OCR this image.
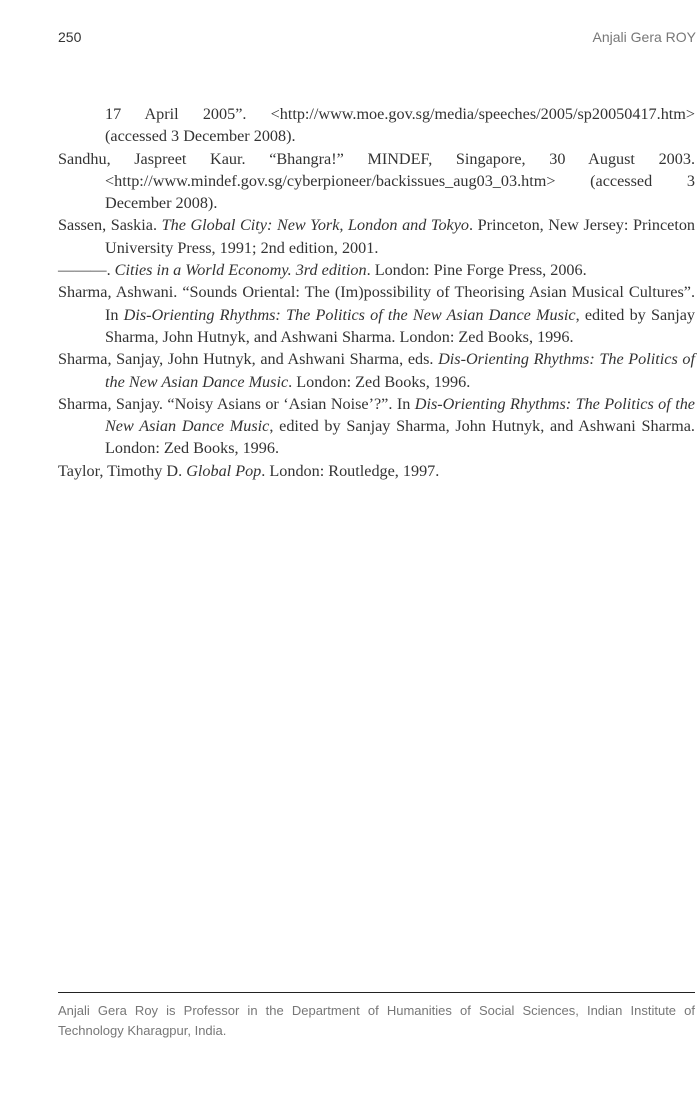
250	Anjali Gera ROY

17 April 2005”. <http://www.moe.gov.sg/media/speeches/2005/sp20050417.htm> (accessed 3 December 2008).

Sandhu, Jaspreet Kaur. “Bhangra!” MINDEF, Singapore, 30 August 2003. <http://www.mindef.gov.sg/cyberpioneer/backissues_aug03_03.htm> (accessed 3 December 2008).

Sassen, Saskia. The Global City: New York, London and Tokyo. Princeton, New Jersey: Princeton University Press, 1991; 2nd edition, 2001.

———. Cities in a World Economy. 3rd edition. London: Pine Forge Press, 2006.

Sharma, Ashwani. “Sounds Oriental: The (Im)possibility of Theorising Asian Musical Cultures”. In Dis-Orienting Rhythms: The Politics of the New Asian Dance Music, edited by Sanjay Sharma, John Hutnyk, and Ashwani Sharma. London: Zed Books, 1996.

Sharma, Sanjay, John Hutnyk, and Ashwani Sharma, eds. Dis-Orienting Rhythms: The Politics of the New Asian Dance Music. London: Zed Books, 1996.

Sharma, Sanjay. “Noisy Asians or ‘Asian Noise’?”. In Dis-Orienting Rhythms: The Politics of the New Asian Dance Music, edited by Sanjay Sharma, John Hutnyk, and Ashwani Sharma. London: Zed Books, 1996.

Taylor, Timothy D. Global Pop. London: Routledge, 1997.

Anjali Gera Roy is Professor in the Department of Humanities of Social Sciences, Indian Institute of Technology Kharagpur, India.
